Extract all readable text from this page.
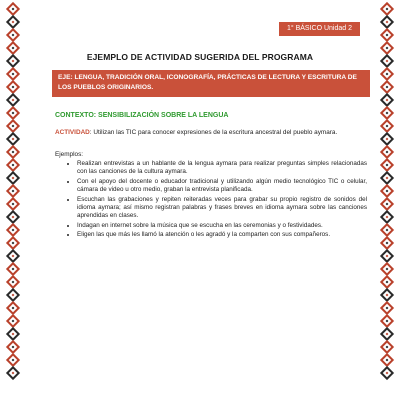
1° BÁSICO Unidad 2
EJEMPLO DE ACTIVIDAD SUGERIDA DEL PROGRAMA
EJE: LENGUA, TRADICIÓN ORAL, ICONOGRAFÍA, PRÁCTICAS DE LECTURA Y ESCRITURA DE LOS PUEBLOS ORIGINARIOS.
CONTEXTO: SENSIBILIZACIÓN SOBRE LA LENGUA
ACTIVIDAD: Utilizan las TIC para conocer expresiones de la escritura ancestral del pueblo aymara.
Ejemplos:
• Realizan entrevistas a un hablante de la lengua aymara para realizar preguntas simples relacionadas con las canciones de la cultura aymara.
• Con el apoyo del docente o educador tradicional y utilizando algún medio tecnológico TIC o celular, cámara de video u otro medio, graban la entrevista planificada.
• Escuchan las grabaciones y repiten reiteradas veces para grabar su propio registro de sonidos del idioma aymara; así mismo registran palabras y frases breves en idioma aymara sobre las canciones aprendidas en clases.
• Indagan en internet sobre la música que se escucha en las ceremonias y o festividades.
• Eligen las que más les llamó la atención o les agradó y la comparten con sus compañeros.
